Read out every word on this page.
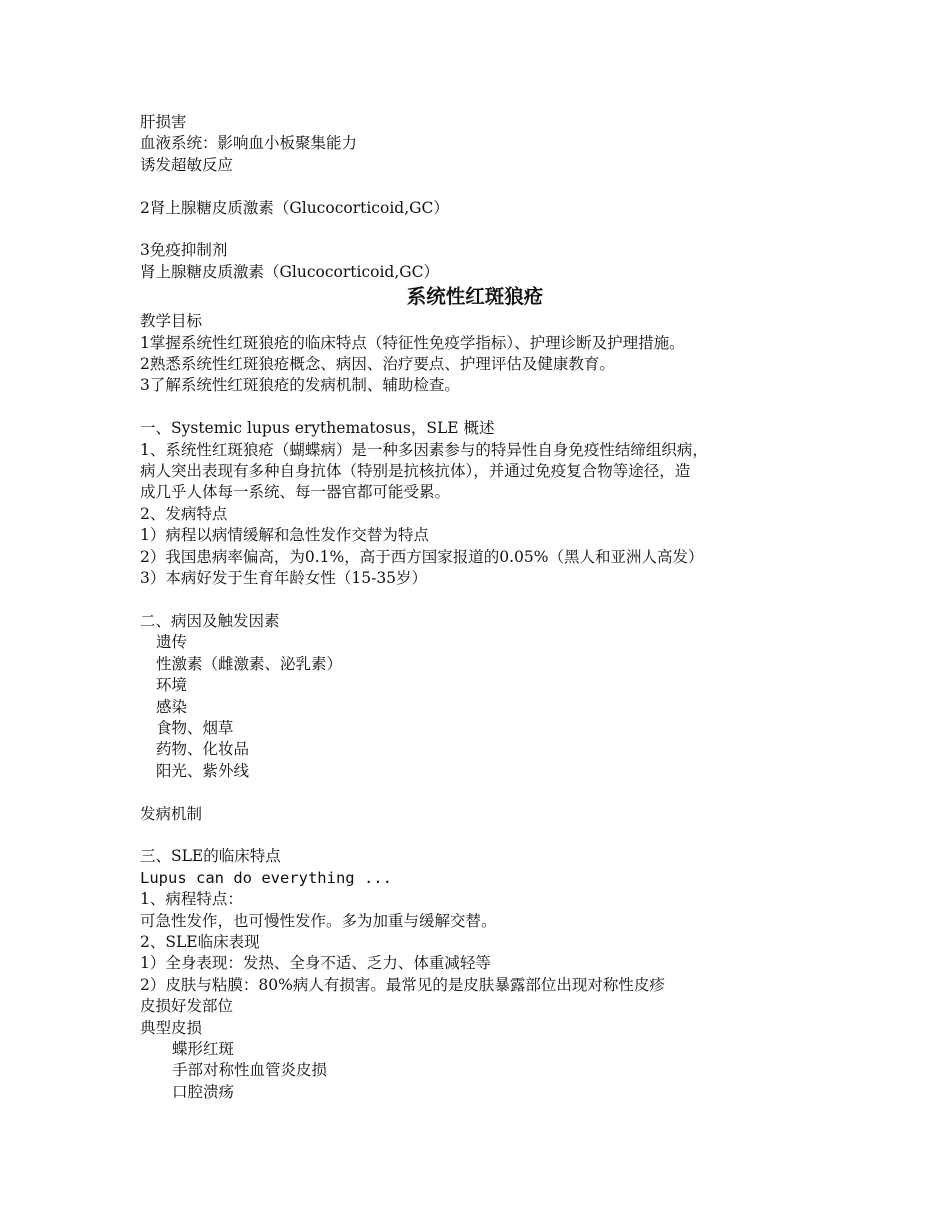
肝损害
血液系统：影响血小板聚集能力
诱发超敏反应
2肾上腺糖皮质激素（Glucocorticoid,GC）
3免疫抑制剂
肾上腺糖皮质激素（Glucocorticoid,GC）
系统性红斑狼疮
教学目标
1掌握系统性红斑狼疮的临床特点（特征性免疫学指标）、护理诊断及护理措施。
2熟悉系统性红斑狼疮概念、病因、治疗要点、护理评估及健康教育。
3了解系统性红斑狼疮的发病机制、辅助检查。
一、Systemic lupus erythematosus，SLE 概述
1、系统性红斑狼疮（蝴蝶病）是一种多因素参与的特异性自身免疫性结缔组织病，
病人突出表现有多种自身抗体（特别是抗核抗体），并通过免疫复合物等途径，造
成几乎人体每一系统、每一器官都可能受累。
2、发病特点
1）病程以病情缓解和急性发作交替为特点
2）我国患病率偏高，为0.1%，高于西方国家报道的0.05%（黑人和亚洲人高发）
3）本病好发于生育年龄女性（15-35岁）
二、病因及触发因素
遗传
性激素（雌激素、泌乳素）
环境
感染
食物、烟草
药物、化妆品
阳光、紫外线
发病机制
三、SLE的临床特点
Lupus can do everything ...
1、病程特点：
可急性发作，也可慢性发作。多为加重与缓解交替。
2、SLE临床表现
1）全身表现：发热、全身不适、乏力、体重减轻等
2）皮肤与粘膜：80%病人有损害。最常见的是皮肤暴露部位出现对称性皮疹
皮损好发部位
典型皮损
蝶形红斑
手部对称性血管炎皮损
口腔溃疡
